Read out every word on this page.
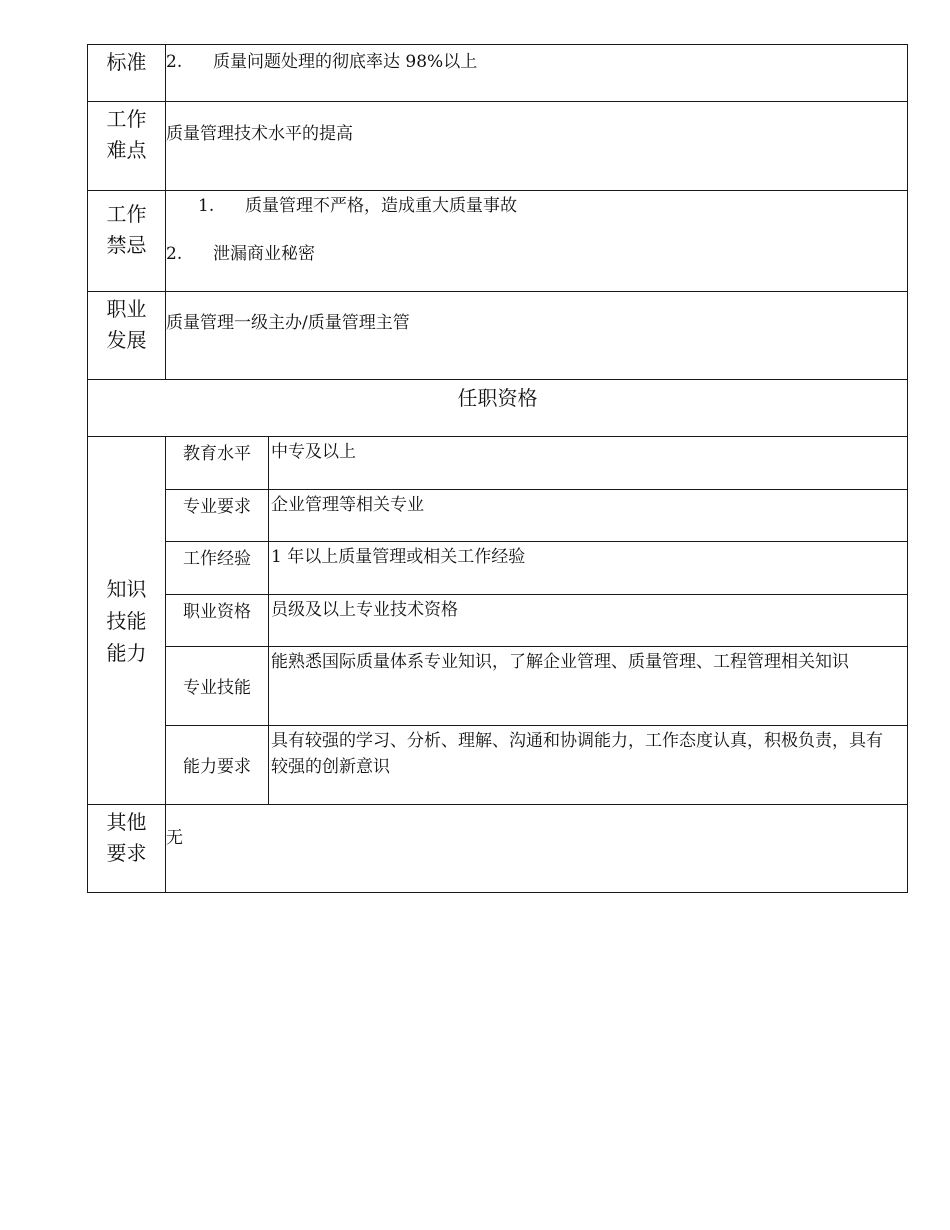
标准	2. 质量问题处理的彻底率达 98%以上	

工作
难点	质量管理技术水平的提高	

工作
禁忌	1. 质量管理不严格，造成重大质量事故
2. 泄漏商业秘密	

职业
发展	质量管理一级主办/质量管理主管	
任职资格		

知识
技能
能力	教育水平	中专及以上
	专业要求	企业管理等相关专业
	工作经验	1 年以上质量管理或相关工作经验
	职业资格	员级及以上专业技术资格
	专业技能	能熟悉国际质量体系专业知识，了解企业管理、质量管理、工程管理相关知识
	能力要求	具有较强的学习、分析、理解、沟通和协调能力，工作态度认真，积极负责，具有较强的创新意识

其他
要求	无	
